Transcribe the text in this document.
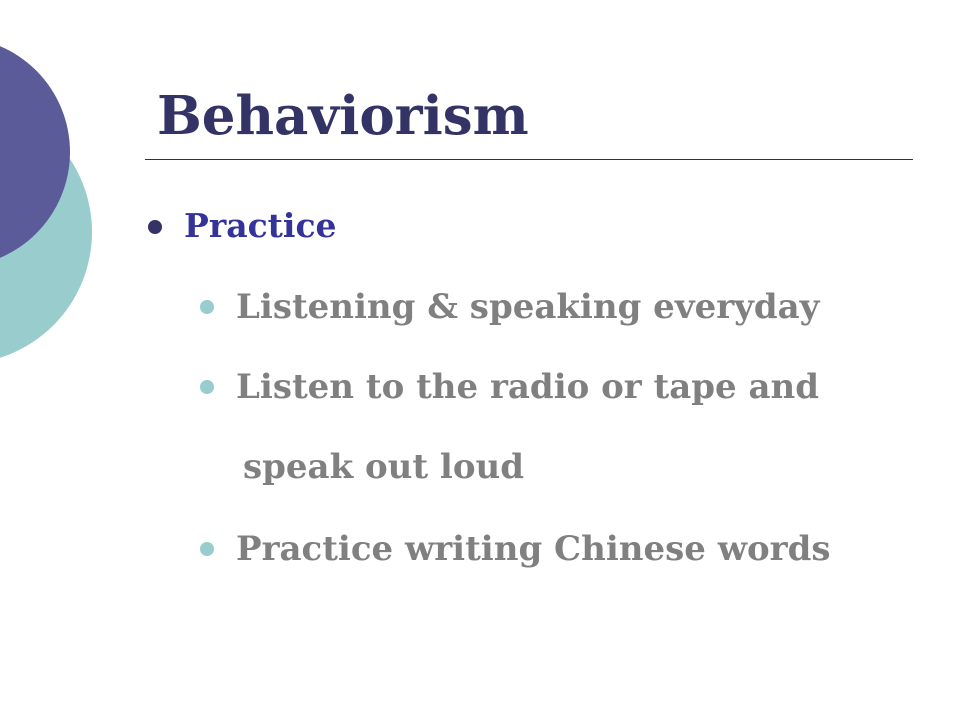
Behaviorism
Practice
Listening & speaking everyday
Listen to the radio or tape and
speak out loud
Practice writing Chinese words
